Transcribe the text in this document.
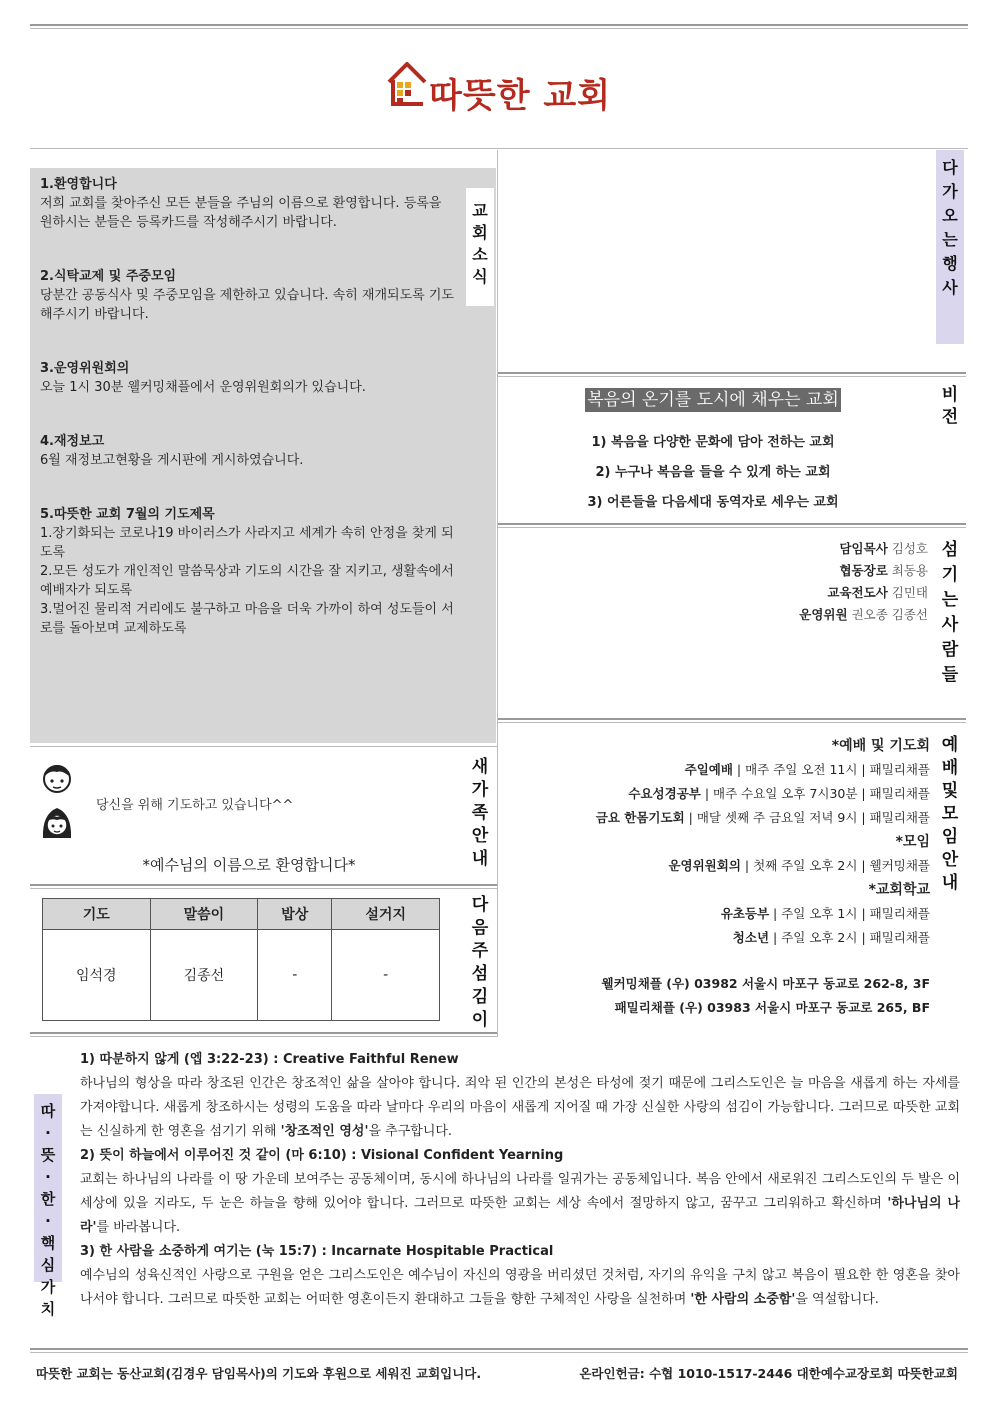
따뜻한 교회
1.환영합니다
저희 교회를 찾아주신 모든 분들을 주님의 이름으로 환영합니다. 등록을 원하시는 분들은 등록카드를 작성해주시기 바랍니다.
2.식탁교제 및 주중모임
당분간 공동식사 및 주중모임을 제한하고 있습니다. 속히 재개되도록 기도해주시기 바랍니다.
3.운영위원회의
오늘 1시 30분 웰커밍채플에서 운영위원회의가 있습니다.
4.재정보고
6월 재정보고현황을 게시판에 게시하였습니다.
5.따뜻한 교회 7월의 기도제목
1.장기화되는 코로나19 바이러스가 사라지고 세계가 속히 안정을 찾게 되도록
2.모든 성도가 개인적인 말씀묵상과 기도의 시간을 잘 지키고, 생활속에서 예배자가 되도록
3.멀어진 물리적 거리에도 불구하고 마음을 더욱 가까이 하여 성도들이 서로를 돌아보며 교제하도록
교회소식
다가오는행사
복음의 온기를 도시에 채우는 교회
1) 복음을 다양한 문화에 담아 전하는 교회
2) 누구나 복음을 들을 수 있게 하는 교회
3) 어른들을 다음세대 동역자로 세우는 교회
비전
담임목사 김성호
협동장로 최동용
교육전도사 김민태
운영위원 권오종 김종선
섬기는사람들
*예배 및 기도회
주일예배 | 매주 주일 오전 11시 | 패밀리채플
수요성경공부 | 매주 수요일 오후 7시30분 | 패밀리채플
금요 한몸기도회 | 매달 셋째 주 금요일 저녁 9시 | 패밀리채플
*모임
운영위원회의 | 첫째 주일 오후 2시 | 웰커밍채플
*교회학교
유초등부 | 주일 오후 1시 | 패밀리채플
청소년 | 주일 오후 2시 | 패밀리채플
웰커밍채플 (우) 03982 서울시 마포구 동교로 262-8, 3F
패밀리채플 (우) 03983 서울시 마포구 동교로 265, BF
예배및모임안내
당신을 위해 기도하고 있습니다^^
*예수님의 이름으로 환영합니다*
새가족안내
기도	말씀이	밥상	설거지
임석경	김종선	-	-
다음주섬김이
따·뜻·한·핵심가치
1) 따분하지 않게 (엡 3:22-23) : Creative Faithful Renew
하나님의 형상을 따라 창조된 인간은 창조적인 삶을 살아야 합니다. 죄악 된 인간의 본성은 타성에 젖기 때문에 그리스도인은 늘 마음을 새롭게 하는 자세를 가져야합니다. 새롭게 창조하시는 성령의 도움을 따라 날마다 우리의 마음이 새롭게 지어질 때 가장 신실한 사랑의 섬김이 가능합니다. 그러므로 따뜻한 교회는 신실하게 한 영혼을 섬기기 위해 '창조적인 영성'을 추구합니다.
2) 뜻이 하늘에서 이루어진 것 같이 (마 6:10) : Visional Confident Yearning
교회는 하나님의 나라를 이 땅 가운데 보여주는 공동체이며, 동시에 하나님의 나라를 일궈가는 공동체입니다. 복음 안에서 새로워진 그리스도인의 두 발은 이 세상에 있을 지라도, 두 눈은 하늘을 향해 있어야 합니다. 그러므로 따뜻한 교회는 세상 속에서 절망하지 않고, 꿈꾸고 그리워하고 확신하며 '하나님의 나라'를 바라봅니다.
3) 한 사람을 소중하게 여기는 (눅 15:7) : Incarnate Hospitable Practical
예수님의 성육신적인 사랑으로 구원을 얻은 그리스도인은 예수님이 자신의 영광을 버리셨던 것처럼, 자기의 유익을 구치 않고 복음이 필요한 한 영혼을 찾아 나서야 합니다. 그러므로 따뜻한 교회는 어떠한 영혼이든지 환대하고 그들을 향한 구체적인 사랑을 실천하며 '한 사람의 소중함'을 역설합니다.
따뜻한 교회는 동산교회(김경우 담임목사)의 기도와 후원으로 세워진 교회입니다.	온라인헌금: 수협 1010-1517-2446 대한예수교장로회 따뜻한교회
